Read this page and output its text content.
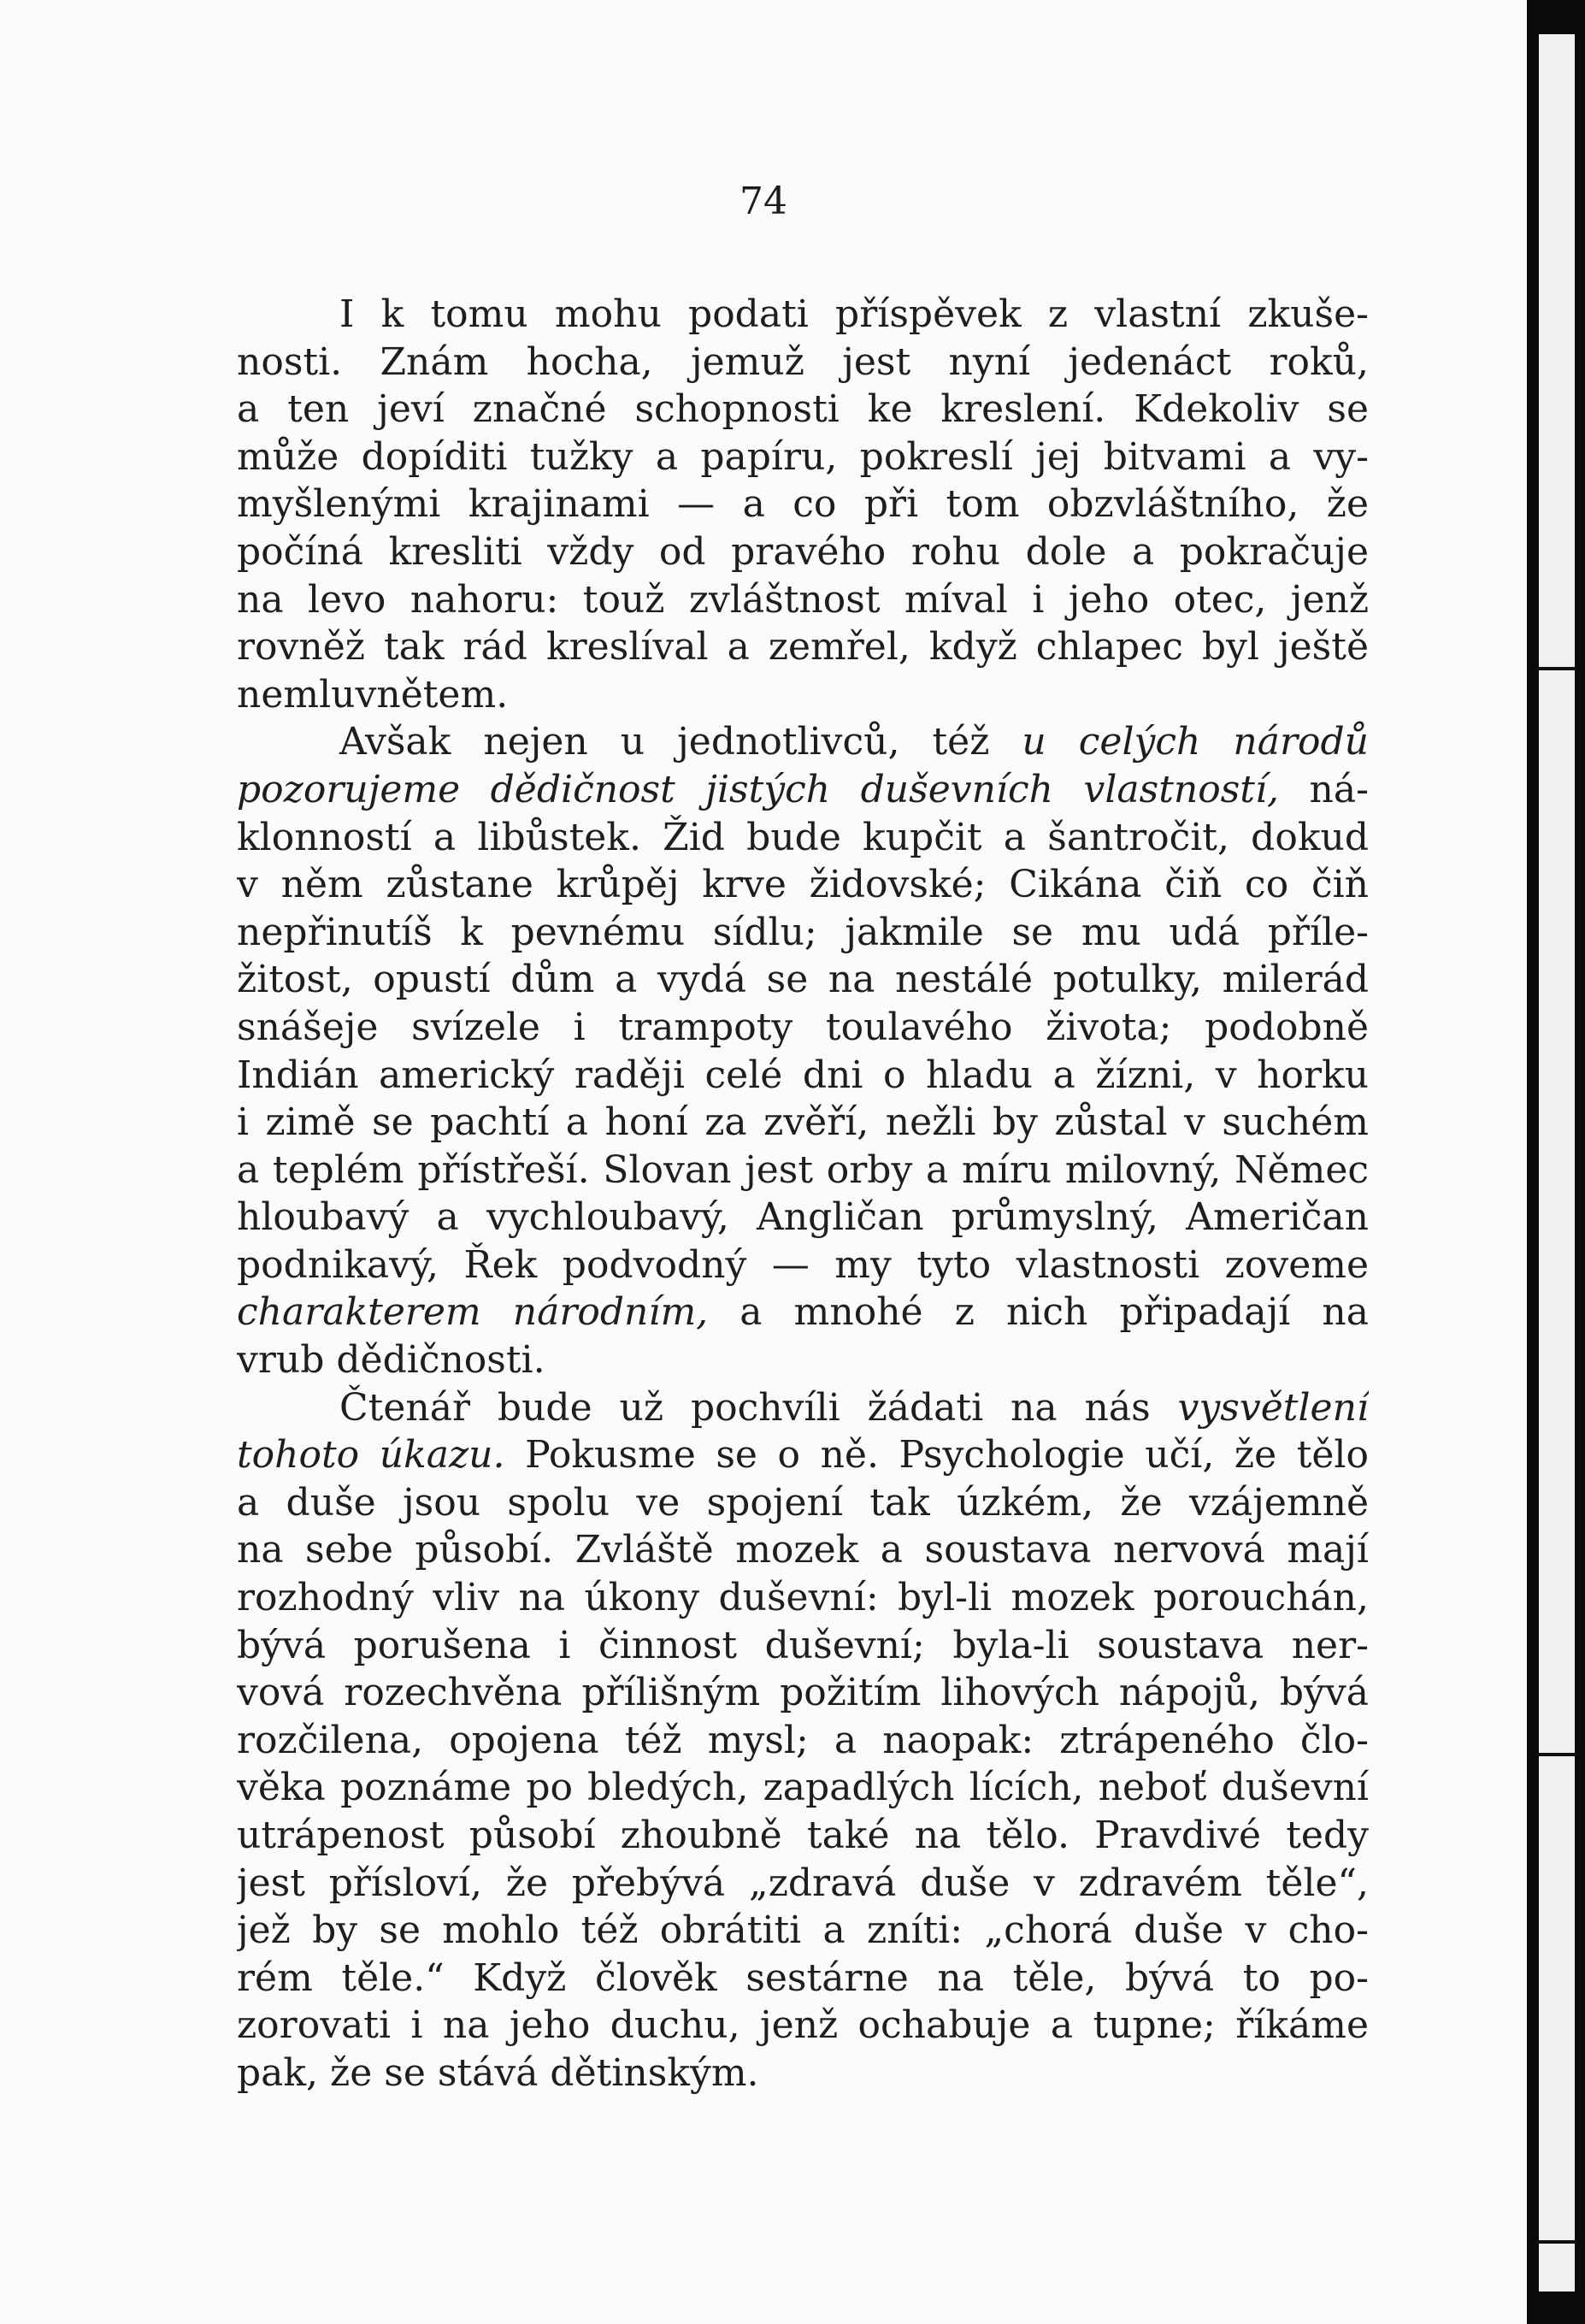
74
I k tomu mohu podati příspěvek z vlastní zkuše-
nosti. Znám hocha, jemuž jest nyní jedenáct roků,
a ten jeví značné schopnosti ke kreslení. Kdekoliv se
může dopíditi tužky a papíru, pokreslí jej bitvami a vy-
myšlenými krajinami — a co při tom obzvláštního, že
počíná kresliti vždy od pravého rohu dole a pokračuje
na levo nahoru: touž zvláštnost míval i jeho otec, jenž
rovněž tak rád kreslíval a zemřel, když chlapec byl ještě
nemluvnětem.
Avšak nejen u jednotlivců, též u celých národů
pozorujeme dědičnost jistých duševních vlastností, ná-
klonností a libůstek. Žid bude kupčit a šantročit, dokud
v něm zůstane krůpěj krve židovské; Cikána čiň co čiň
nepřinutíš k pevnému sídlu; jakmile se mu udá příle-
žitost, opustí dům a vydá se na nestálé potulky, milerád
snášeje svízele i trampoty toulavého života; podobně
Indián americký raději celé dni o hladu a žízni, v horku
i zimě se pachtí a honí za zvěří, nežli by zůstal v suchém
a teplém přístřeší. Slovan jest orby a míru milovný, Němec
hloubavý a vychloubavý, Angličan průmyslný, Američan
podnikavý, Řek podvodný — my tyto vlastnosti zoveme
charakterem národním, a mnohé z nich připadají na
vrub dědičnosti.
Čtenář bude už pochvíli žádati na nás vysvětlení
tohoto úkazu. Pokusme se o ně. Psychologie učí, že tělo
a duše jsou spolu ve spojení tak úzkém, že vzájemně
na sebe působí. Zvláště mozek a soustava nervová mají
rozhodný vliv na úkony duševní: byl-li mozek porouchán,
bývá porušena i činnost duševní; byla-li soustava ner-
vová rozechvěna přílišným požitím lihových nápojů, bývá
rozčilena, opojena též mysl; a naopak: ztrápeného člo-
věka poznáme po bledých, zapadlých lících, neboť duševní
utrápenost působí zhoubně také na tělo. Pravdivé tedy
jest přísloví, že přebývá „zdravá duše v zdravém těle“,
jež by se mohlo též obrátiti a zníti: „chorá duše v cho-
rém těle.“ Když člověk sestárne na těle, bývá to po-
zorovati i na jeho duchu, jenž ochabuje a tupne; říkáme
pak, že se stává dětinským.
